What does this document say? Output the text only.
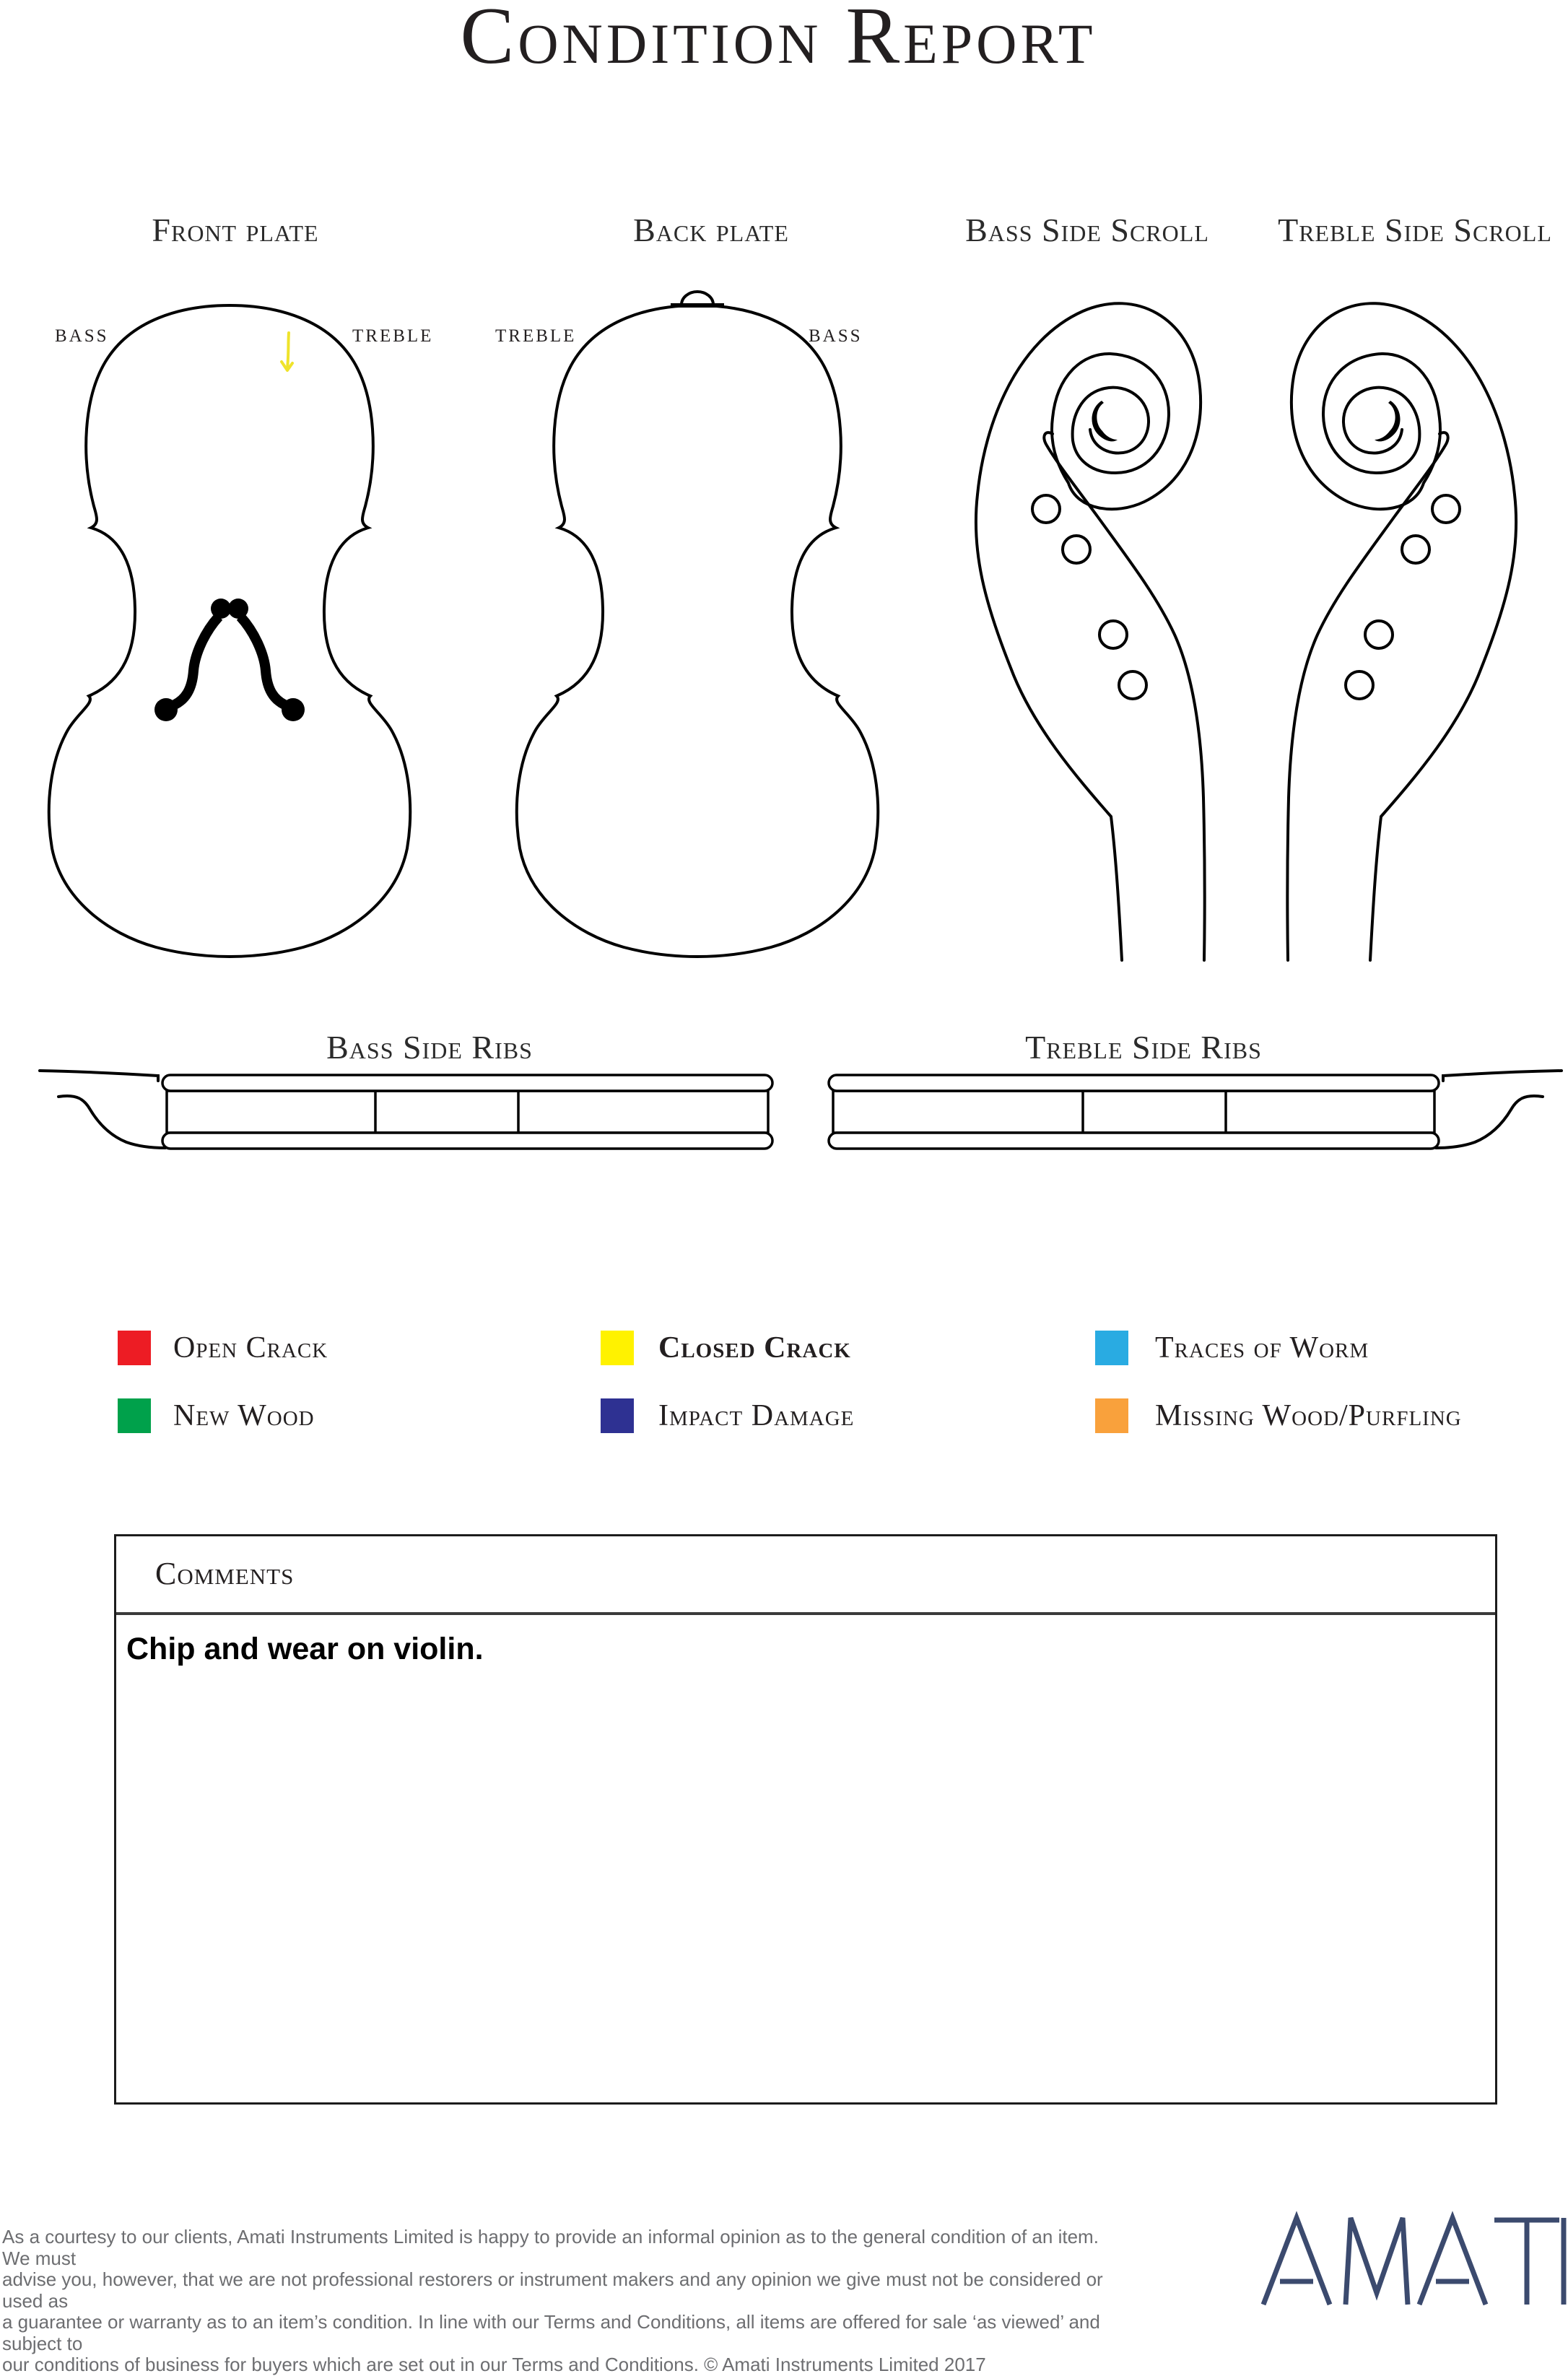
Condition Report
Front plate	Back plate	Bass Side Scroll	Treble Side Scroll
BASS	TREBLE	TREBLE	BASS
Bass Side Ribs	Treble Side Ribs
Open Crack	Closed Crack	Traces of Worm
New Wood	Impact Damage	Missing Wood/Purfling
Comments
Chip and wear on violin.
As a courtesy to our clients, Amati Instruments Limited is happy to provide an informal opinion as to the general condition of an item. We must
advise you, however, that we are not professional restorers or instrument makers and any opinion we give must not be considered or used as
a guarantee or warranty as to an item’s condition. In line with our Terms and Conditions, all items are offered for sale ‘as viewed’ and subject to
our conditions of business for buyers which are set out in our Terms and Conditions. © Amati Instruments Limited 2017
